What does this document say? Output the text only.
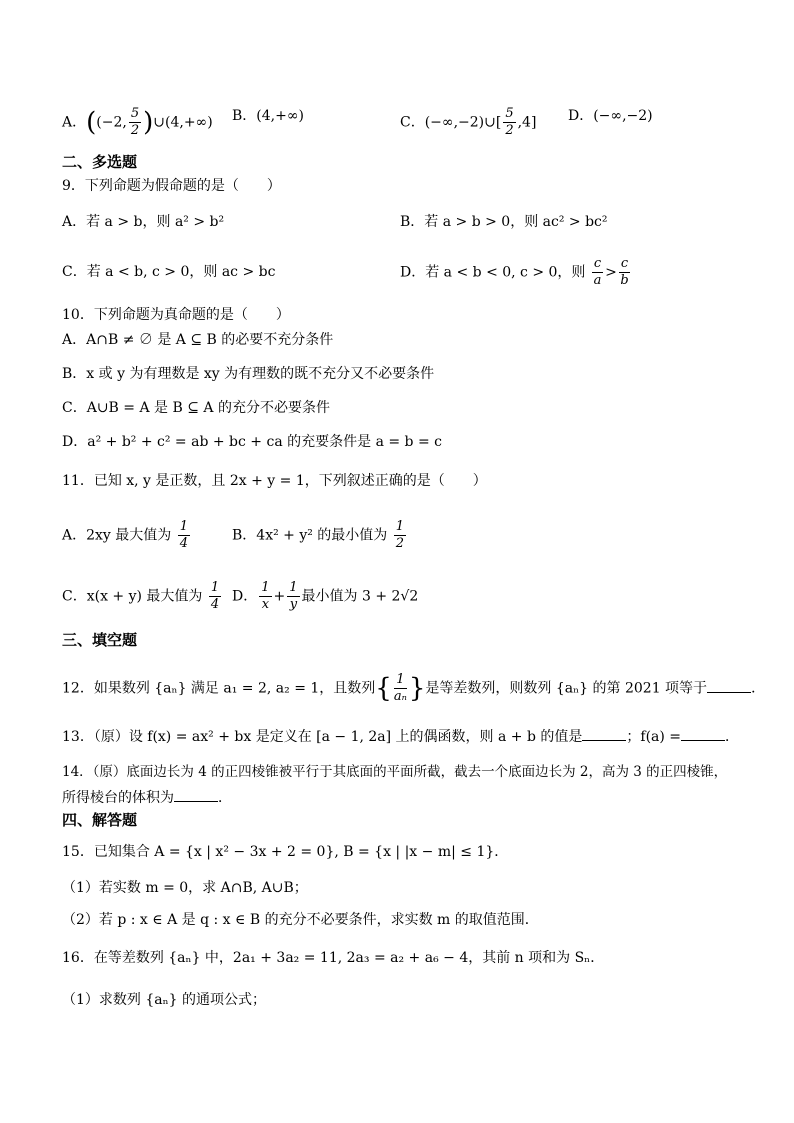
A．((−2, $\frac{5}{2}$ )∪(4,+∞) B．(4,+∞)	C．(−∞,−2)∪[ $\frac{5}{2} ,4$] D．(−∞,−2)
二、多选题
9．下列命题为假命题的是（　　）
A．若 a > b，则 a² > b²	B．若 a > b > 0，则 ac² > bc²
C．若 a < b, c > 0，则 ac > bc	D．若 a < b < 0, c > 0，则 $\frac{c}{a} > \frac{c}{b}$
10．下列命题为真命题的是（　　）
A．A∩B ≠ ∅ 是 A ⊆ B 的必要不充分条件
B．x 或 y 为有理数是 xy 为有理数的既不充分又不必要条件
C．A∪B = A 是 B ⊆ A 的充分不必要条件
D．a² + b² + c² = ab + bc + ca 的充要条件是 a = b = c
11．已知 x, y 是正数，且 2x + y = 1，下列叙述正确的是（　　）
A．2xy 最大值为 $\frac{1}{4}$	B．4x² + y² 的最小值为 $\frac{1}{2}$
C．x(x + y) 最大值为 $\frac{1}{4}$ D． $\frac{1}{x} + \frac{1}{y}$ 最小值为 3 + 2√2
三、填空题
12．如果数列 {aₙ} 满足 a₁ = 2, a₂ = 1，且数列{ $\frac{1}{\text{aₙ}}$ }是等差数列，则数列 {aₙ} 的第 2021 项等于	．
13．（原）设 f(x) = ax² + bx 是定义在 [a − 1, 2a] 上的偶函数，则 a + b 的值是	；f(a) =	．
14．（原）底面边长为 4 的正四棱锥被平行于其底面的平面所截，截去一个底面边长为 2，高为 3 的正四棱锥，
所得棱台的体积为	．
四、解答题
15．已知集合 A = {x | x² − 3x + 2 = 0}, B = {x | |x − m| ≤ 1}．
（1）若实数 m = 0，求 A∩B, A∪B；
（2）若 p : x ∈ A 是 q : x ∈ B 的充分不必要条件，求实数 m 的取值范围．
16．在等差数列 {aₙ} 中，2a₁ + 3a₂ = 11, 2a₃ = a₂ + a₆ − 4，其前 n 项和为 Sₙ．
（1）求数列 {aₙ} 的通项公式；
